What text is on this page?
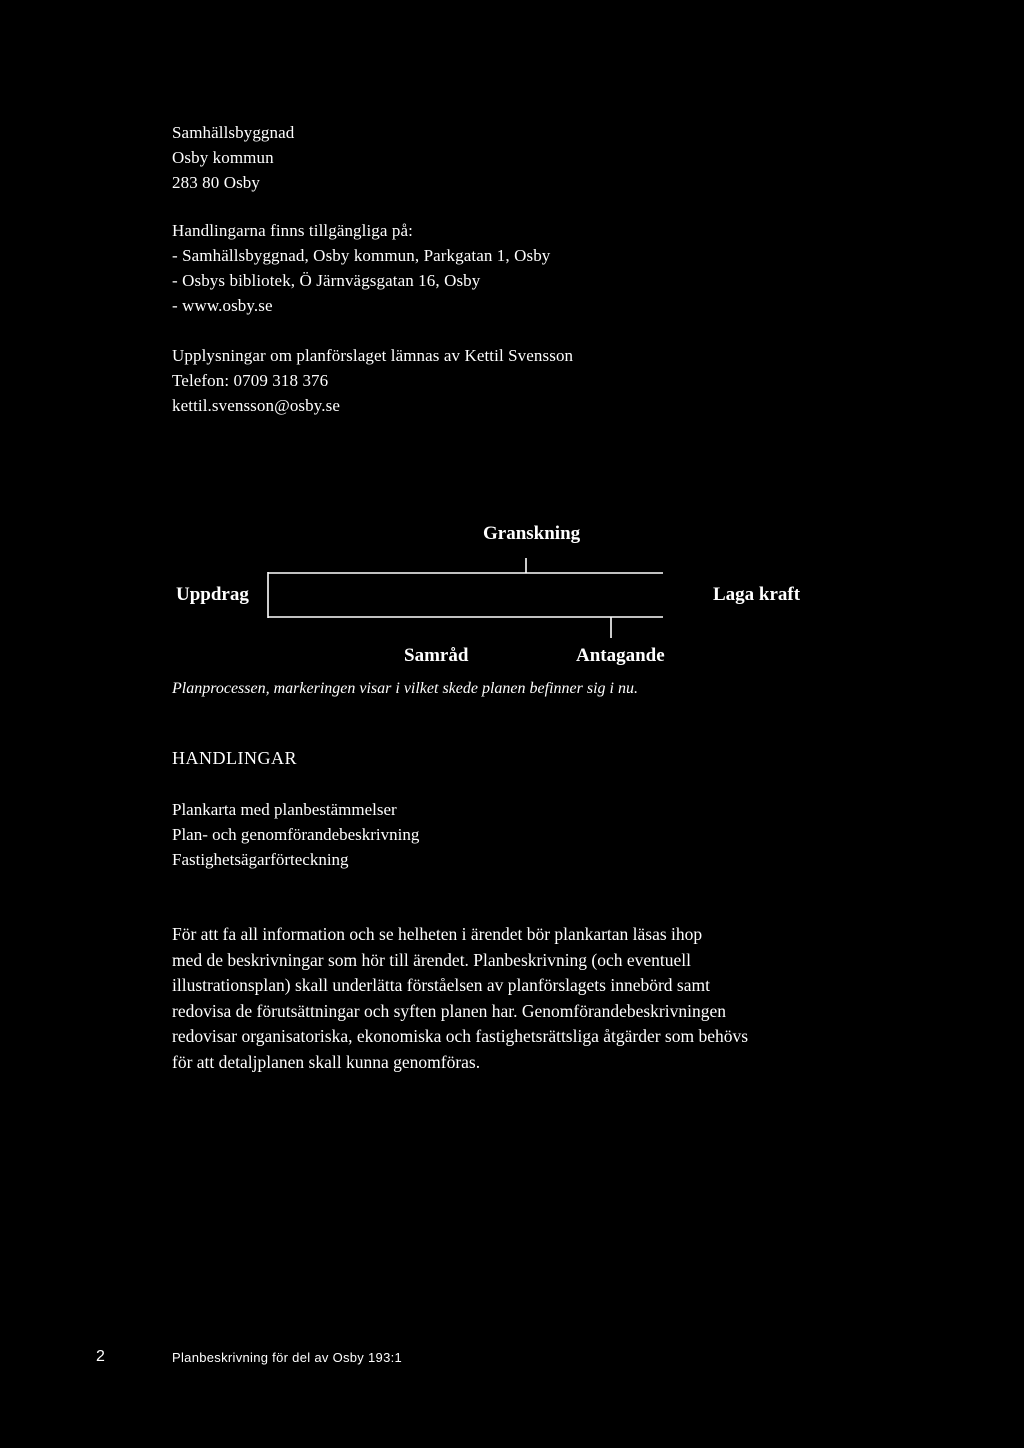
Samhällsbyggnad
Osby kommun
283 80 Osby
Handlingarna finns tillgängliga på:
- Samhällsbyggnad, Osby kommun, Parkgatan 1, Osby
- Osbys bibliotek, Ö Järnvägsgatan 16, Osby
- www.osby.se
Upplysningar om planförslaget lämnas av Kettil Svensson
Telefon: 0709 318 376
kettil.svensson@osby.se
Granskning
Uppdrag	Laga kraft
Samråd	Antagande
Planprocessen, markeringen visar i vilket skede planen befinner sig i nu.
HANDLINGAR
Plankarta med planbestämmelser
Plan- och genomförandebeskrivning
Fastighetsägarförteckning
För att fa all information och se helheten i ärendet bör plankartan läsas ihop
med de beskrivningar som hör till ärendet. Planbeskrivning (och eventuell
illustrationsplan) skall underlätta förståelsen av planförslagets innebörd samt
redovisa de förutsättningar och syften planen har. Genomförandebeskrivningen
redovisar organisatoriska, ekonomiska och fastighetsrättsliga åtgärder som behövs
för att detaljplanen skall kunna genomföras.
2	Planbeskrivning för del av Osby 193:1
